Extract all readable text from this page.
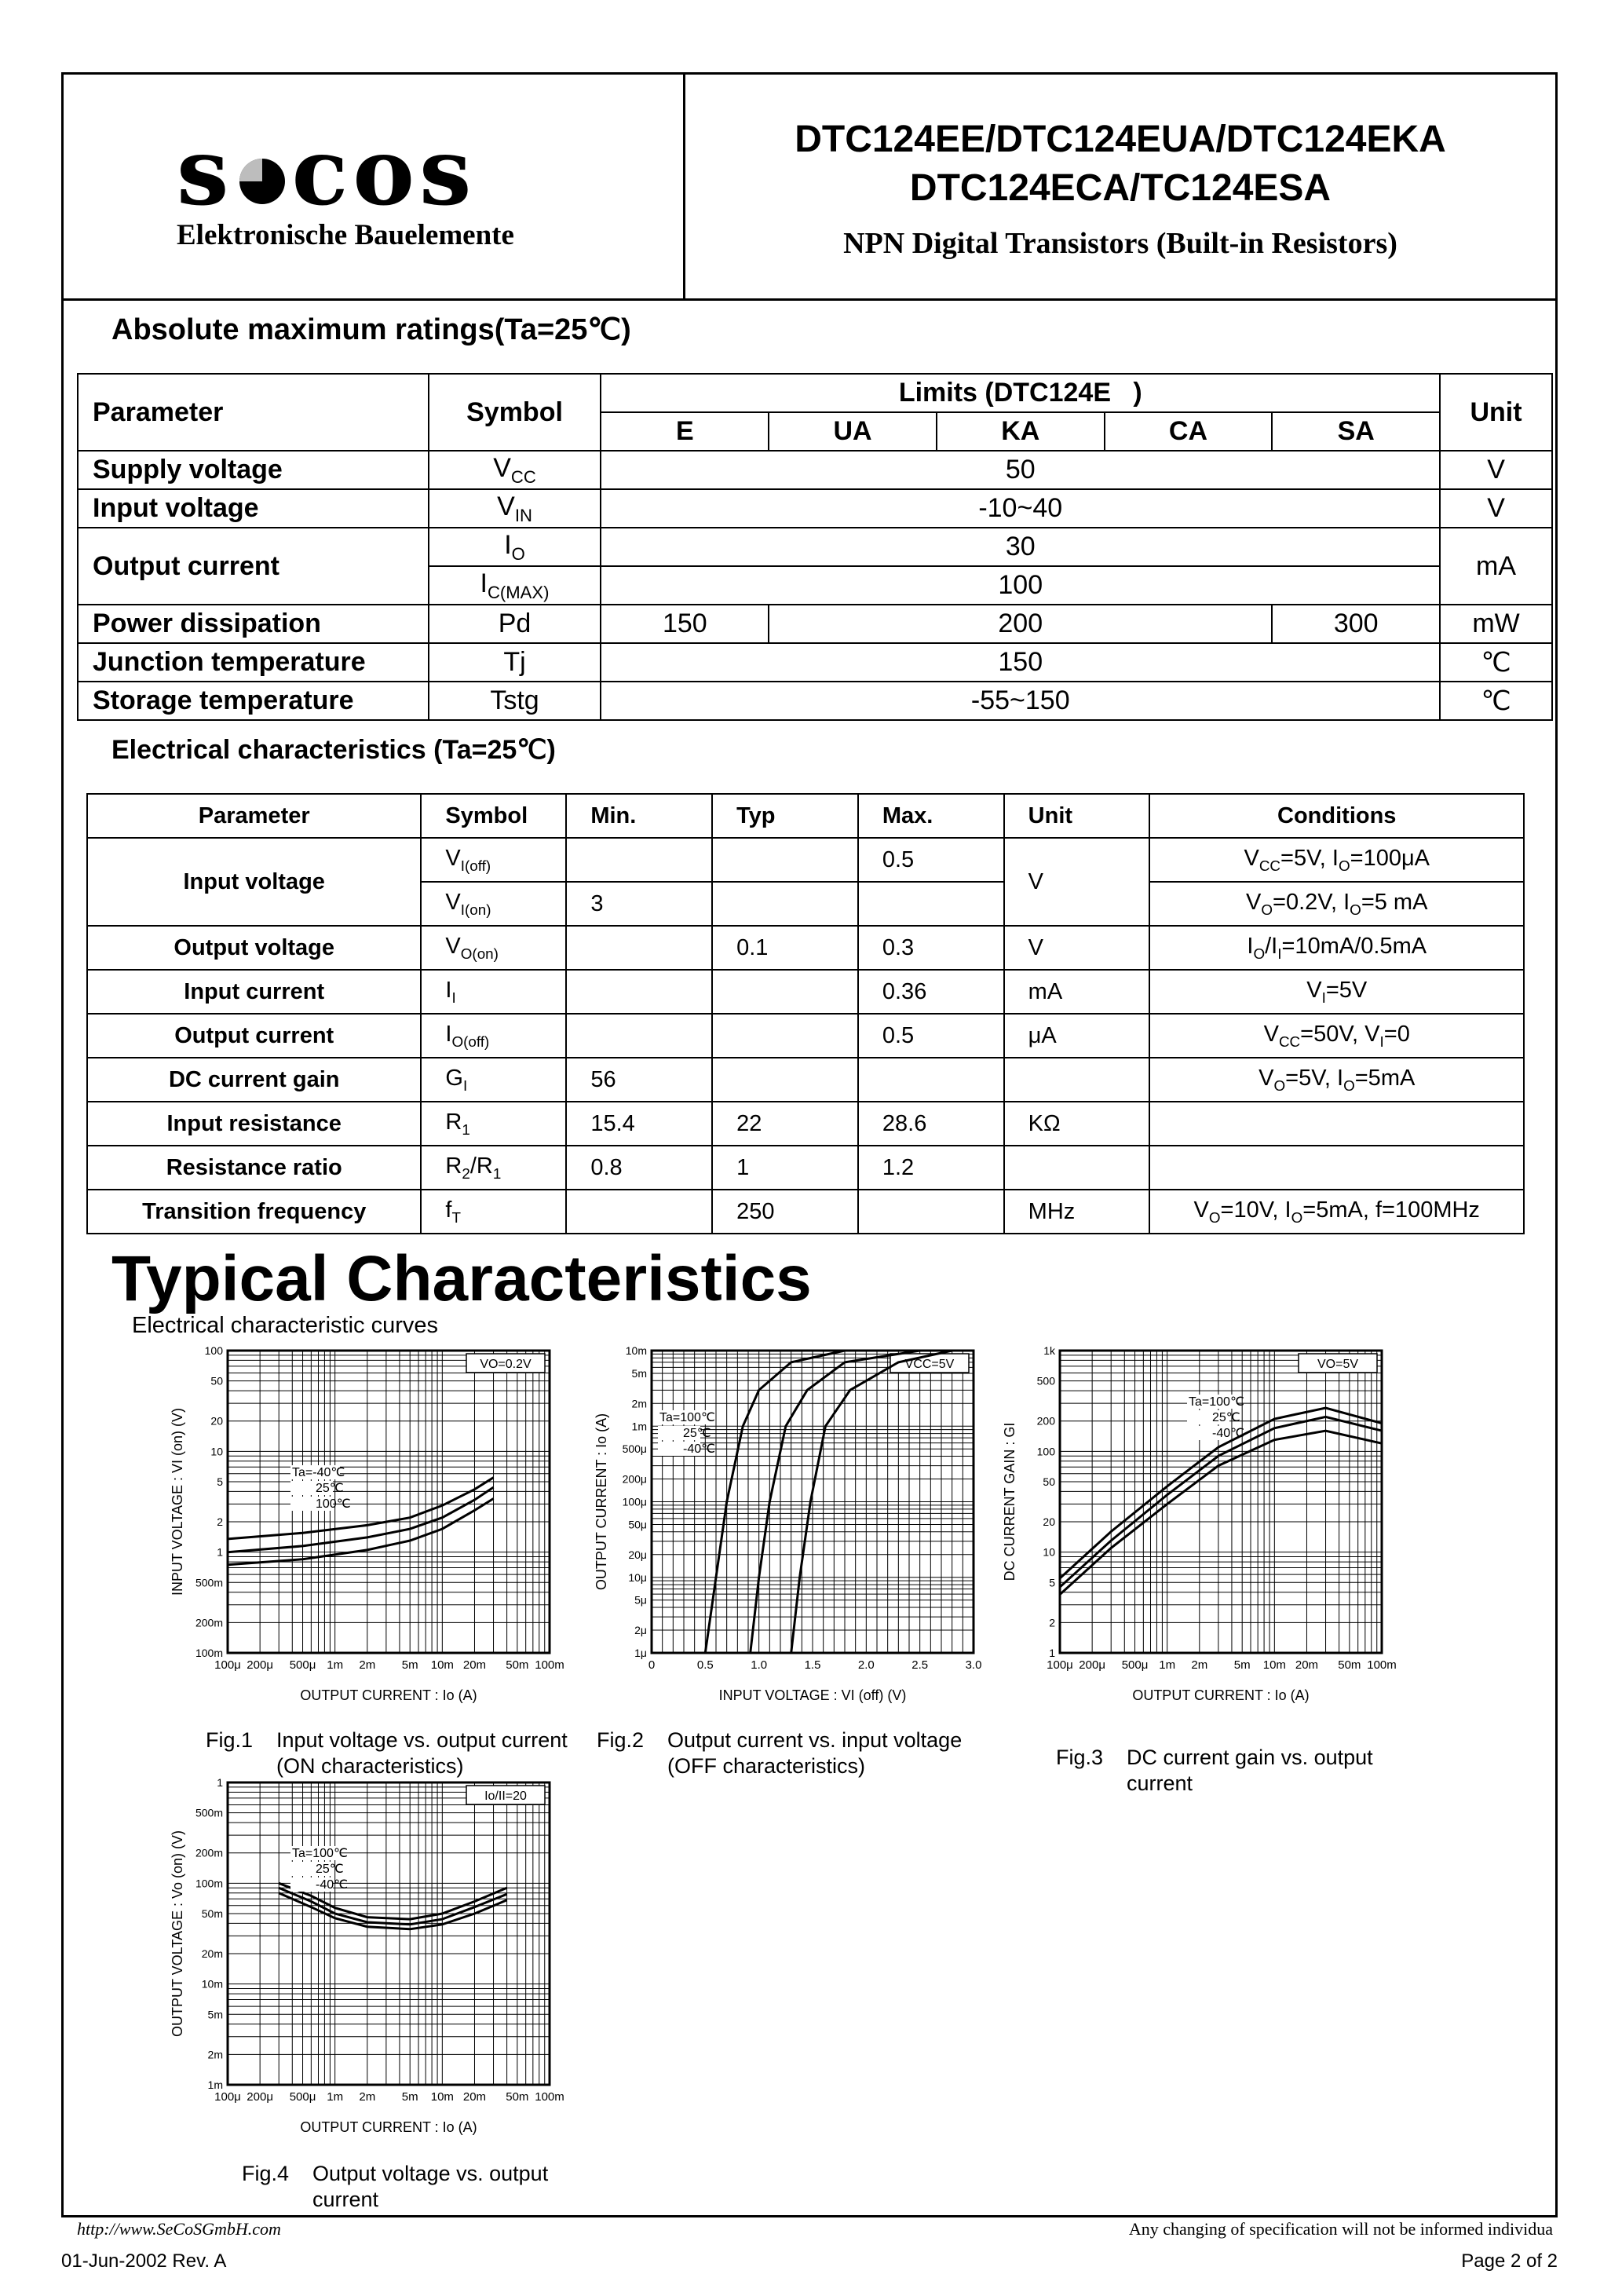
s cos
Elektronische Bauelemente
DTC124EE/DTC124EUA/DTC124EKA
DTC124ECA/TC124ESA
NPN Digital Transistors (Built-in Resistors)
Absolute maximum ratings(Ta=25℃)
Parameter	Symbol	Limits (DTC124E   )					Unit
		E	UA	KA	CA	SA	
Supply voltage	$V_{CC}$	50					V
Input voltage	$V_{IN}$	-10~40					V
Output current	$I_O$	30					mA
	$I_{C(MAX)}$	100					
Power dissipation	Pd	150	200			300	mW
Junction temperature	Tj	150					℃
Storage temperature	Tstg	-55~150					℃
Electrical characteristics (Ta=25℃)
Parameter	Symbol	Min.	Typ	Max.	Unit	Conditions
Input voltage	$V_{I(off)}$			0.5	V	$V_{CC}=5V$, $I_O=100\mu A$
	$V_{I(on)}$	3				$V_O=0.2V$, $I_O=5$ mA
Output voltage	$V_{O(on)}$		0.1	0.3	V	$I_O/I_I=10mA/0.5mA$
Input current	$I_I$			0.36	mA	$V_I=5V$
Output current	$I_{O(off)}$			0.5	μA	$V_{CC}=50V$, $V_I=0$
DC current gain	$G_I$	56				$V_O=5V$, $I_O=5mA$
Input resistance	$R_1$	15.4	22	28.6	KΩ	
Resistance ratio	$R_2/R_1$	0.8	1	1.2		
Transition frequency	$f_T$		250		MHz	$V_O=10V$, $I_O=5mA$, f=100MHz
Typical Characteristics
Electrical characteristic curves
100μ 200μ 500μ 1m 2m 5m 10m 20m 50m 100m
100
50
20
10
5
2
1
500m
200m
100m
OUTPUT CURRENT : Io (A)
INPUT VOLTAGE : VI (on) (V)
VO=0.2V
Ta=-40℃
25℃
100℃
0	0.5	1.0	1.5	2.0	2.5	3.0
10m
5m
2m
1m
500μ
200μ
100μ
50μ
20μ
10μ
5μ
2μ
1μ
INPUT VOLTAGE : VI (off) (V)
OUTPUT CURRENT : Io (A)
VCC=5V
Ta=100℃
25℃
-40℃
100μ 200μ 500μ 1m 2m 5m 10m 20m 50m 100m
1k
500
200
100
50
20
10
5
2
1
OUTPUT CURRENT : Io (A)
DC CURRENT GAIN : GI
VO=5V
Ta=100℃
25℃
-40℃
100μ 200μ 500μ 1m 2m 5m 10m 20m 50m 100m
1
500m
200m
100m
50m
20m
10m
5m
2m
1m
OUTPUT CURRENT : Io (A)
OUTPUT VOLTAGE : Vo (on) (V)
Io/II=20
Ta=100℃
25℃
-40℃
Fig.1 Input voltage vs. output current
(ON characteristics)
Fig.2 Output current vs. input voltage
(OFF characteristics)	Fig.3 DC current gain vs. output
current
Fig.4 Output voltage vs. output
current
http://www.SeCoSGmbH.com	Any changing of specification will not be informed individua
01-Jun-2002 Rev. A	Page 2 of 2
